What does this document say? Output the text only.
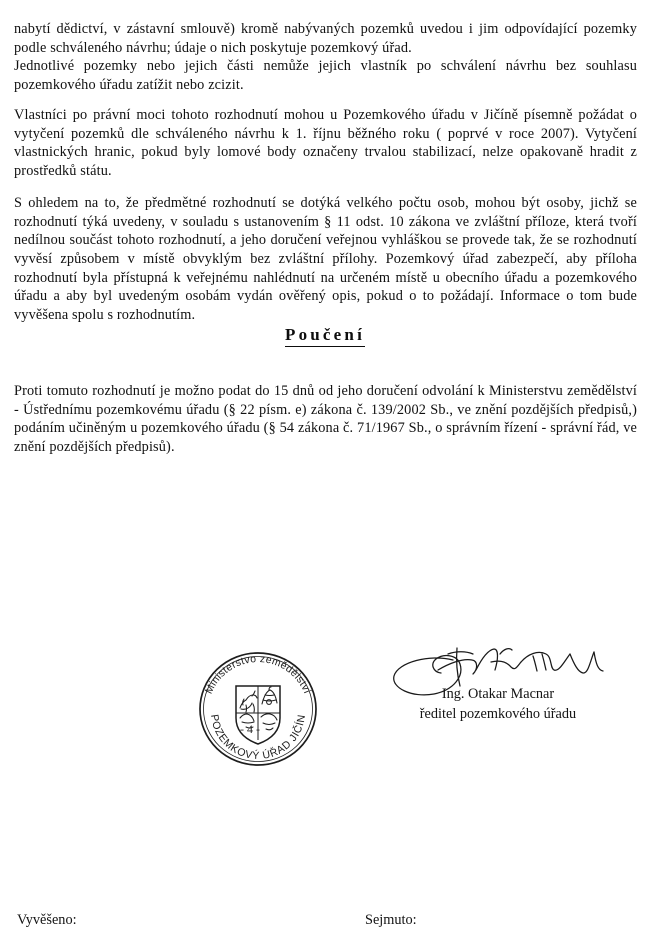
nabytí dědictví, v zástavní smlouvě) kromě nabývaných pozemků uvedou i jim odpovídající pozemky podle schváleného návrhu; údaje o nich poskytuje pozemkový úřad.

Jednotlivé pozemky nebo jejich části nemůže jejich vlastník po schválení návrhu bez souhlasu pozemkového úřadu zatížit nebo zcizit.

Vlastníci po právní moci tohoto rozhodnutí mohou u Pozemkového úřadu v Jičíně písemně požádat o vytyčení pozemků dle schváleného návrhu k 1. říjnu běžného roku ( poprvé v roce 2007). Vytyčení vlastnických hranic, pokud byly lomové body označeny trvalou stabilizací, nelze opakovaně hradit z prostředků státu.

S ohledem na to, že předmětné rozhodnutí se dotýká velkého počtu osob, mohou být osoby, jichž se rozhodnutí týká uvedeny, v souladu s ustanovením § 11 odst. 10 zákona ve zvláštní příloze, která tvoří nedílnou součást tohoto rozhodnutí, a jeho doručení veřejnou vyhláškou se provede tak, že se rozhodnutí vyvěsí způsobem v místě obvyklým bez zvláštní přílohy. Pozemkový úřad zabezpečí, aby příloha rozhodnutí byla přístupná k veřejnému nahlédnutí na určeném místě u obecního úřadu a pozemkového úřadu a aby byl uvedeným osobám vydán ověřený opis, pokud o to požádají. Informace o tom bude vyvěšena spolu s rozhodnutím.

Poučení

Proti tomuto rozhodnutí je možno podat do 15 dnů od jeho doručení odvolání k Ministerstvu zemědělství - Ústřednímu pozemkovému úřadu (§ 22 písm. e) zákona č. 139/2002 Sb., ve znění pozdějších předpisů,) podáním učiněným u pozemkového úřadu (§ 54 zákona č. 71/1967 Sb., o správním řízení - správní řád, ve znění pozdějších předpisů).

Ministerstvo zemědělství
POZEMKOVÝ ÚŘAD JIČÍN
- 4 -
Ing. Otakar Macnar
ředitel pozemkového úřadu
Vyvěšeno:	Sejmuto:
